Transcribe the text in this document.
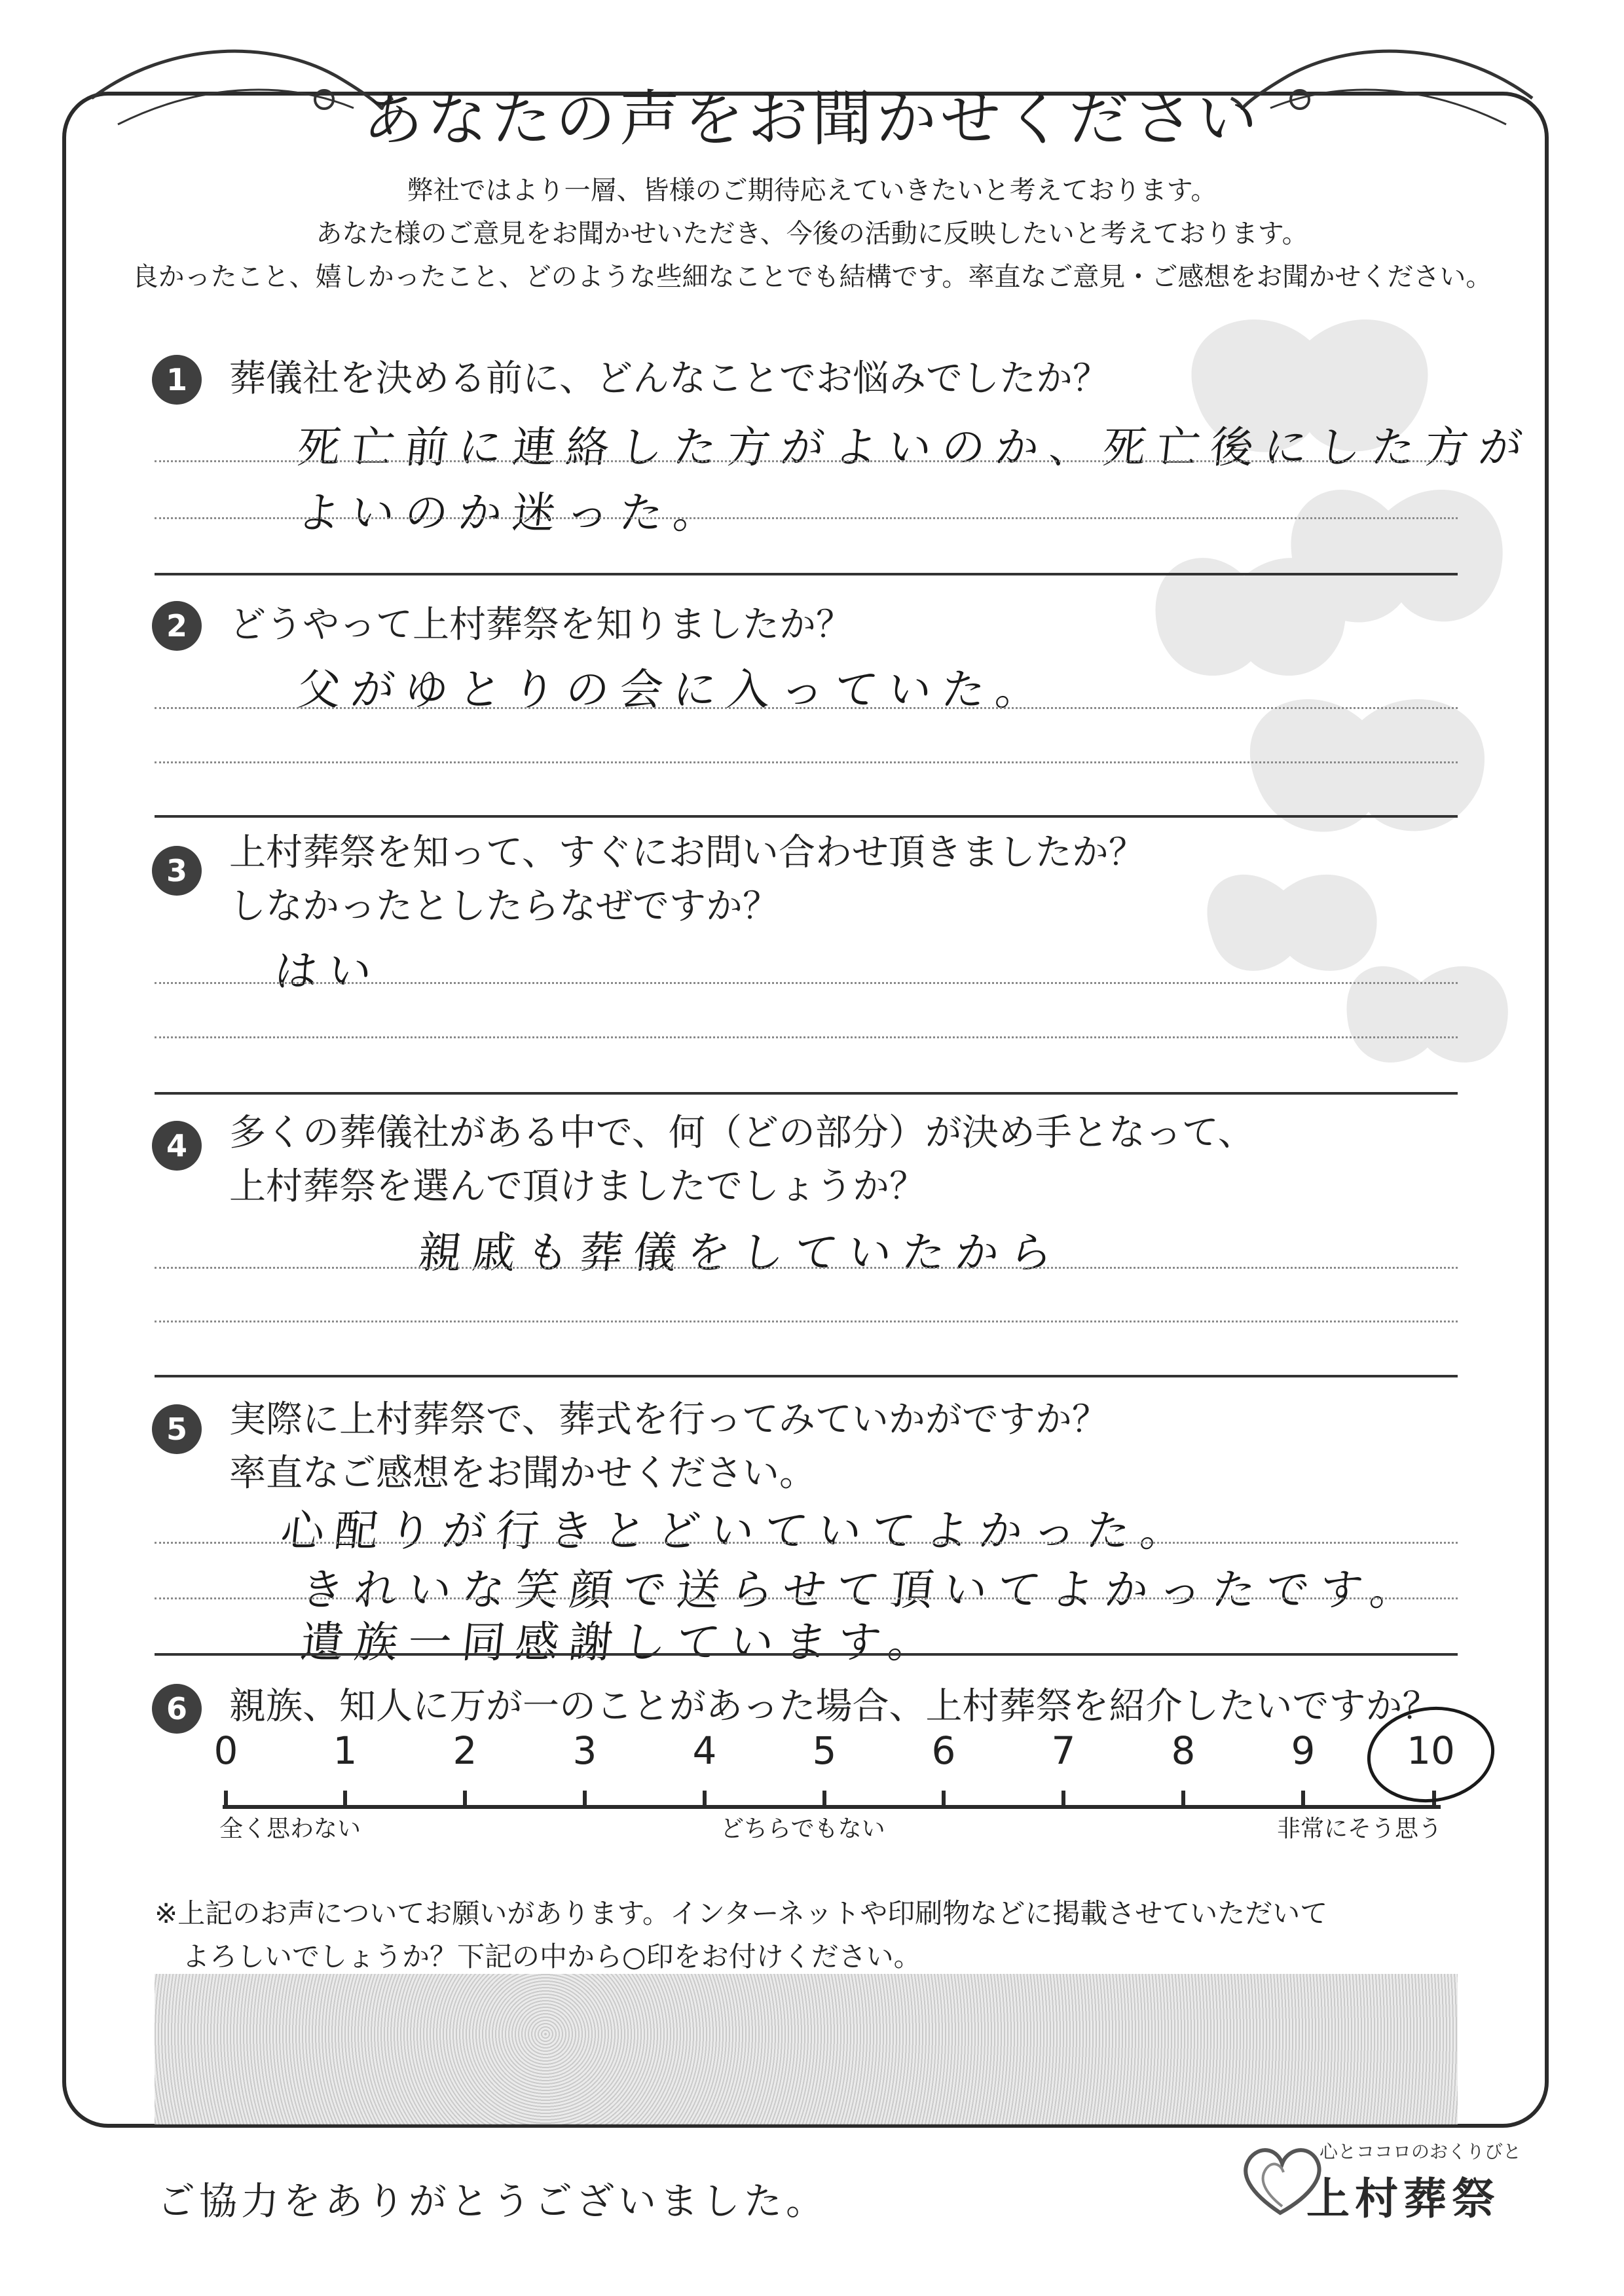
あなたの声をお聞かせください
弊社ではより一層、皆様のご期待応えていきたいと考えております。
あなた様のご意見をお聞かせいただき、今後の活動に反映したいと考えております。
良かったこと、嬉しかったこと、どのような些細なことでも結構です。率直なご意見・ご感想をお聞かせください。
1	葬儀社を決める前に、どんなことでお悩みでしたか？
死亡前に連絡した方がよいのか、死亡後にした方が
よいのか迷った。
2	どうやって上村葬祭を知りましたか？
父がゆとりの会に入っていた。
3	上村葬祭を知って、すぐにお問い合わせ頂きましたか？
しなかったとしたらなぜですか？
はい
4	多くの葬儀社がある中で、何（どの部分）が決め手となって、
上村葬祭を選んで頂けましたでしょうか？
親戚も葬儀をしていたから
5	実際に上村葬祭で、葬式を行ってみていかがですか？
率直なご感想をお聞かせください。
心配りが行きとどいていてよかった。
きれいな笑顔で送らせて頂いてよかったです。
遺族一同感謝しています。
6	親族、知人に万が一のことがあった場合、上村葬祭を紹介したいですか？
0	1	2	3	4	5	6	7	8	9	10
全く思わない	どちらでもない	非常にそう思う
※上記のお声についてお願いがあります。インターネットや印刷物などに掲載させていただいて
　よろしいでしょうか？下記の中から○印をお付けください。
ご協力をありがとうございました。
心とココロのおくりびと
上村葬祭
